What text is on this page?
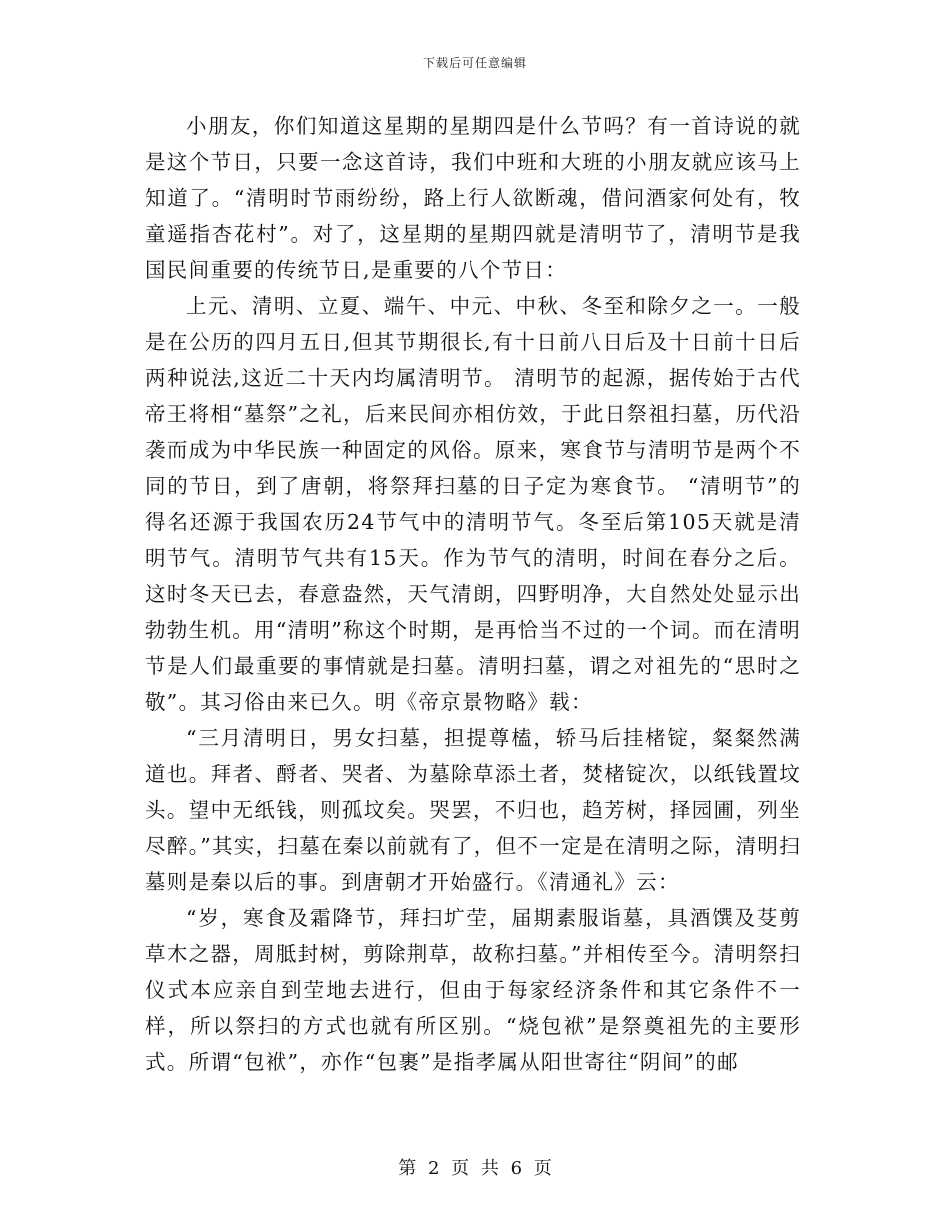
下载后可任意编辑

小朋友，你们知道这星期的星期四是什么节吗？有一首诗说的就是这个节日，只要一念这首诗，我们中班和大班的小朋友就应该马上知道了。“清明时节雨纷纷，路上行人欲断魂，借问酒家何处有，牧童遥指杏花村”。对了，这星期的星期四就是清明节了，清明节是我国民间重要的传统节日,是重要的八个节日：

上元、清明、立夏、端午、中元、中秋、冬至和除夕之一。一般是在公历的四月五日,但其节期很长,有十日前八日后及十日前十日后两种说法,这近二十天内均属清明节。 清明节的起源，据传始于古代帝王将相“墓祭”之礼，后来民间亦相仿效，于此日祭祖扫墓，历代沿袭而成为中华民族一种固定的风俗。原来，寒食节与清明节是两个不同的节日，到了唐朝，将祭拜扫墓的日子定为寒食节。 “清明节”的得名还源于我国农历24节气中的清明节气。冬至后第105天就是清明节气。清明节气共有15天。作为节气的清明，时间在春分之后。这时冬天已去，春意盎然，天气清朗，四野明净，大自然处处显示出勃勃生机。用“清明”称这个时期，是再恰当不过的一个词。而在清明节是人们最重要的事情就是扫墓。清明扫墓，谓之对祖先的“思时之敬”。其习俗由来已久。明《帝京景物略》载：

“三月清明日，男女扫墓，担提尊榼，轿马后挂楮锭，粲粲然满道也。拜者、酹者、哭者、为墓除草添土者，焚楮锭次，以纸钱置坟头。望中无纸钱，则孤坟矣。哭罢，不归也，趋芳树，择园圃，列坐尽醉。”其实，扫墓在秦以前就有了，但不一定是在清明之际，清明扫墓则是秦以后的事。到唐朝才开始盛行。《清通礼》云：

“岁，寒食及霜降节，拜扫圹茔，届期素服诣墓，具酒馔及芟剪草木之器，周胝封树，剪除荆草，故称扫墓。”并相传至今。清明祭扫仪式本应亲自到茔地去进行，但由于每家经济条件和其它条件不一样，所以祭扫的方式也就有所区别。“烧包袱”是祭奠祖先的主要形式。所谓“包袱”，亦作“包裹”是指孝属从阳世寄往“阴间”的邮

第 2 页 共 6 页
